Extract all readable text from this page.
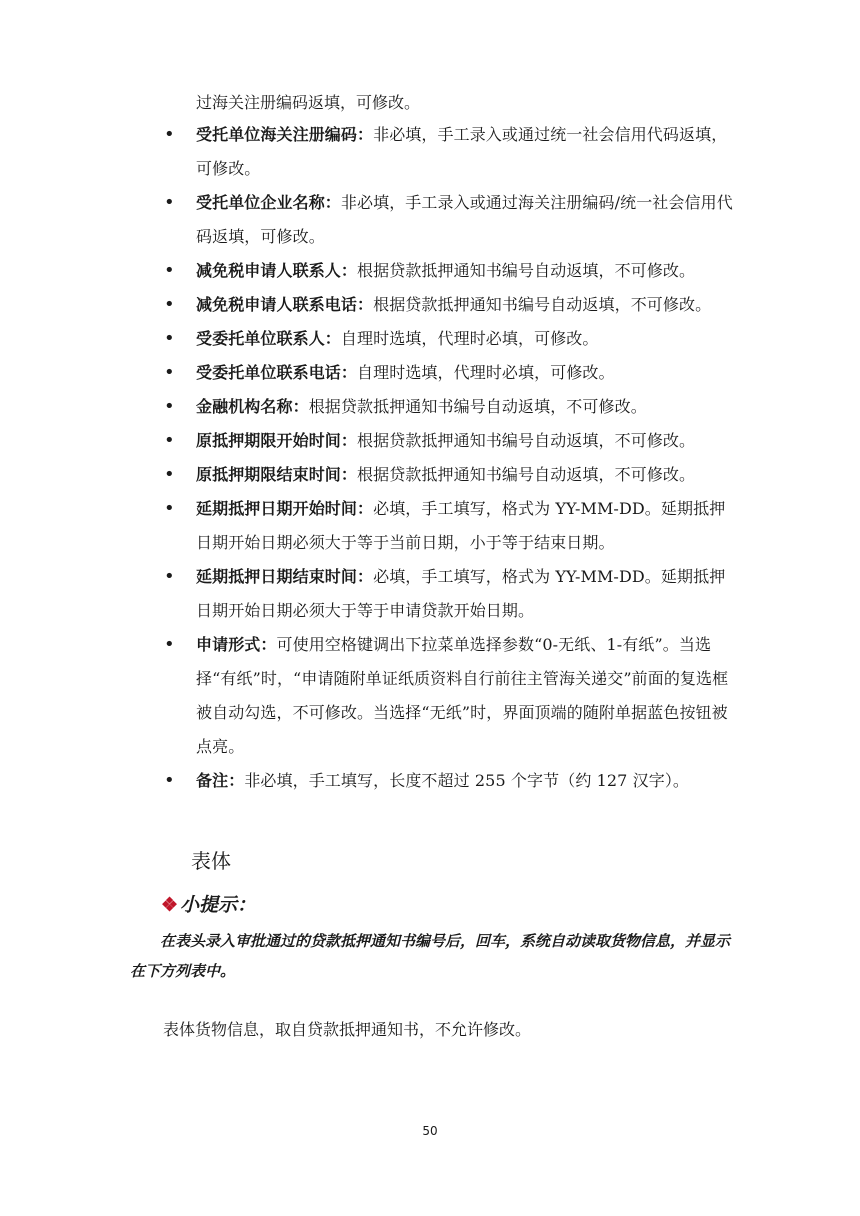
过海关注册编码返填，可修改。
• 受托单位海关注册编码：非必填，手工录入或通过统一社会信用代码返填，可修改。
• 受托单位企业名称：非必填，手工录入或通过海关注册编码/统一社会信用代码返填，可修改。
• 减免税申请人联系人：根据贷款抵押通知书编号自动返填，不可修改。
• 减免税申请人联系电话：根据贷款抵押通知书编号自动返填，不可修改。
• 受委托单位联系人：自理时选填，代理时必填，可修改。
• 受委托单位联系电话：自理时选填，代理时必填，可修改。
• 金融机构名称：根据贷款抵押通知书编号自动返填，不可修改。
• 原抵押期限开始时间：根据贷款抵押通知书编号自动返填，不可修改。
• 原抵押期限结束时间：根据贷款抵押通知书编号自动返填，不可修改。
• 延期抵押日期开始时间：必填，手工填写，格式为 YY-MM-DD。延期抵押日期开始日期必须大于等于当前日期，小于等于结束日期。
• 延期抵押日期结束时间：必填，手工填写，格式为 YY-MM-DD。延期抵押日期开始日期必须大于等于申请贷款开始日期。
• 申请形式：可使用空格键调出下拉菜单选择参数“0-无纸、1-有纸”。当选择“有纸”时，“申请随附单证纸质资料自行前往主管海关递交”前面的复选框被自动勾选，不可修改。当选择“无纸”时，界面顶端的随附单据蓝色按钮被点亮。
• 备注：非必填，手工填写，长度不超过 255 个字节（约 127 汉字）。
表体
❖ 小提示：
在表头录入审批通过的贷款抵押通知书编号后，回车，系统自动读取货物信息，并显示在下方列表中。
表体货物信息，取自贷款抵押通知书，不允许修改。
50
